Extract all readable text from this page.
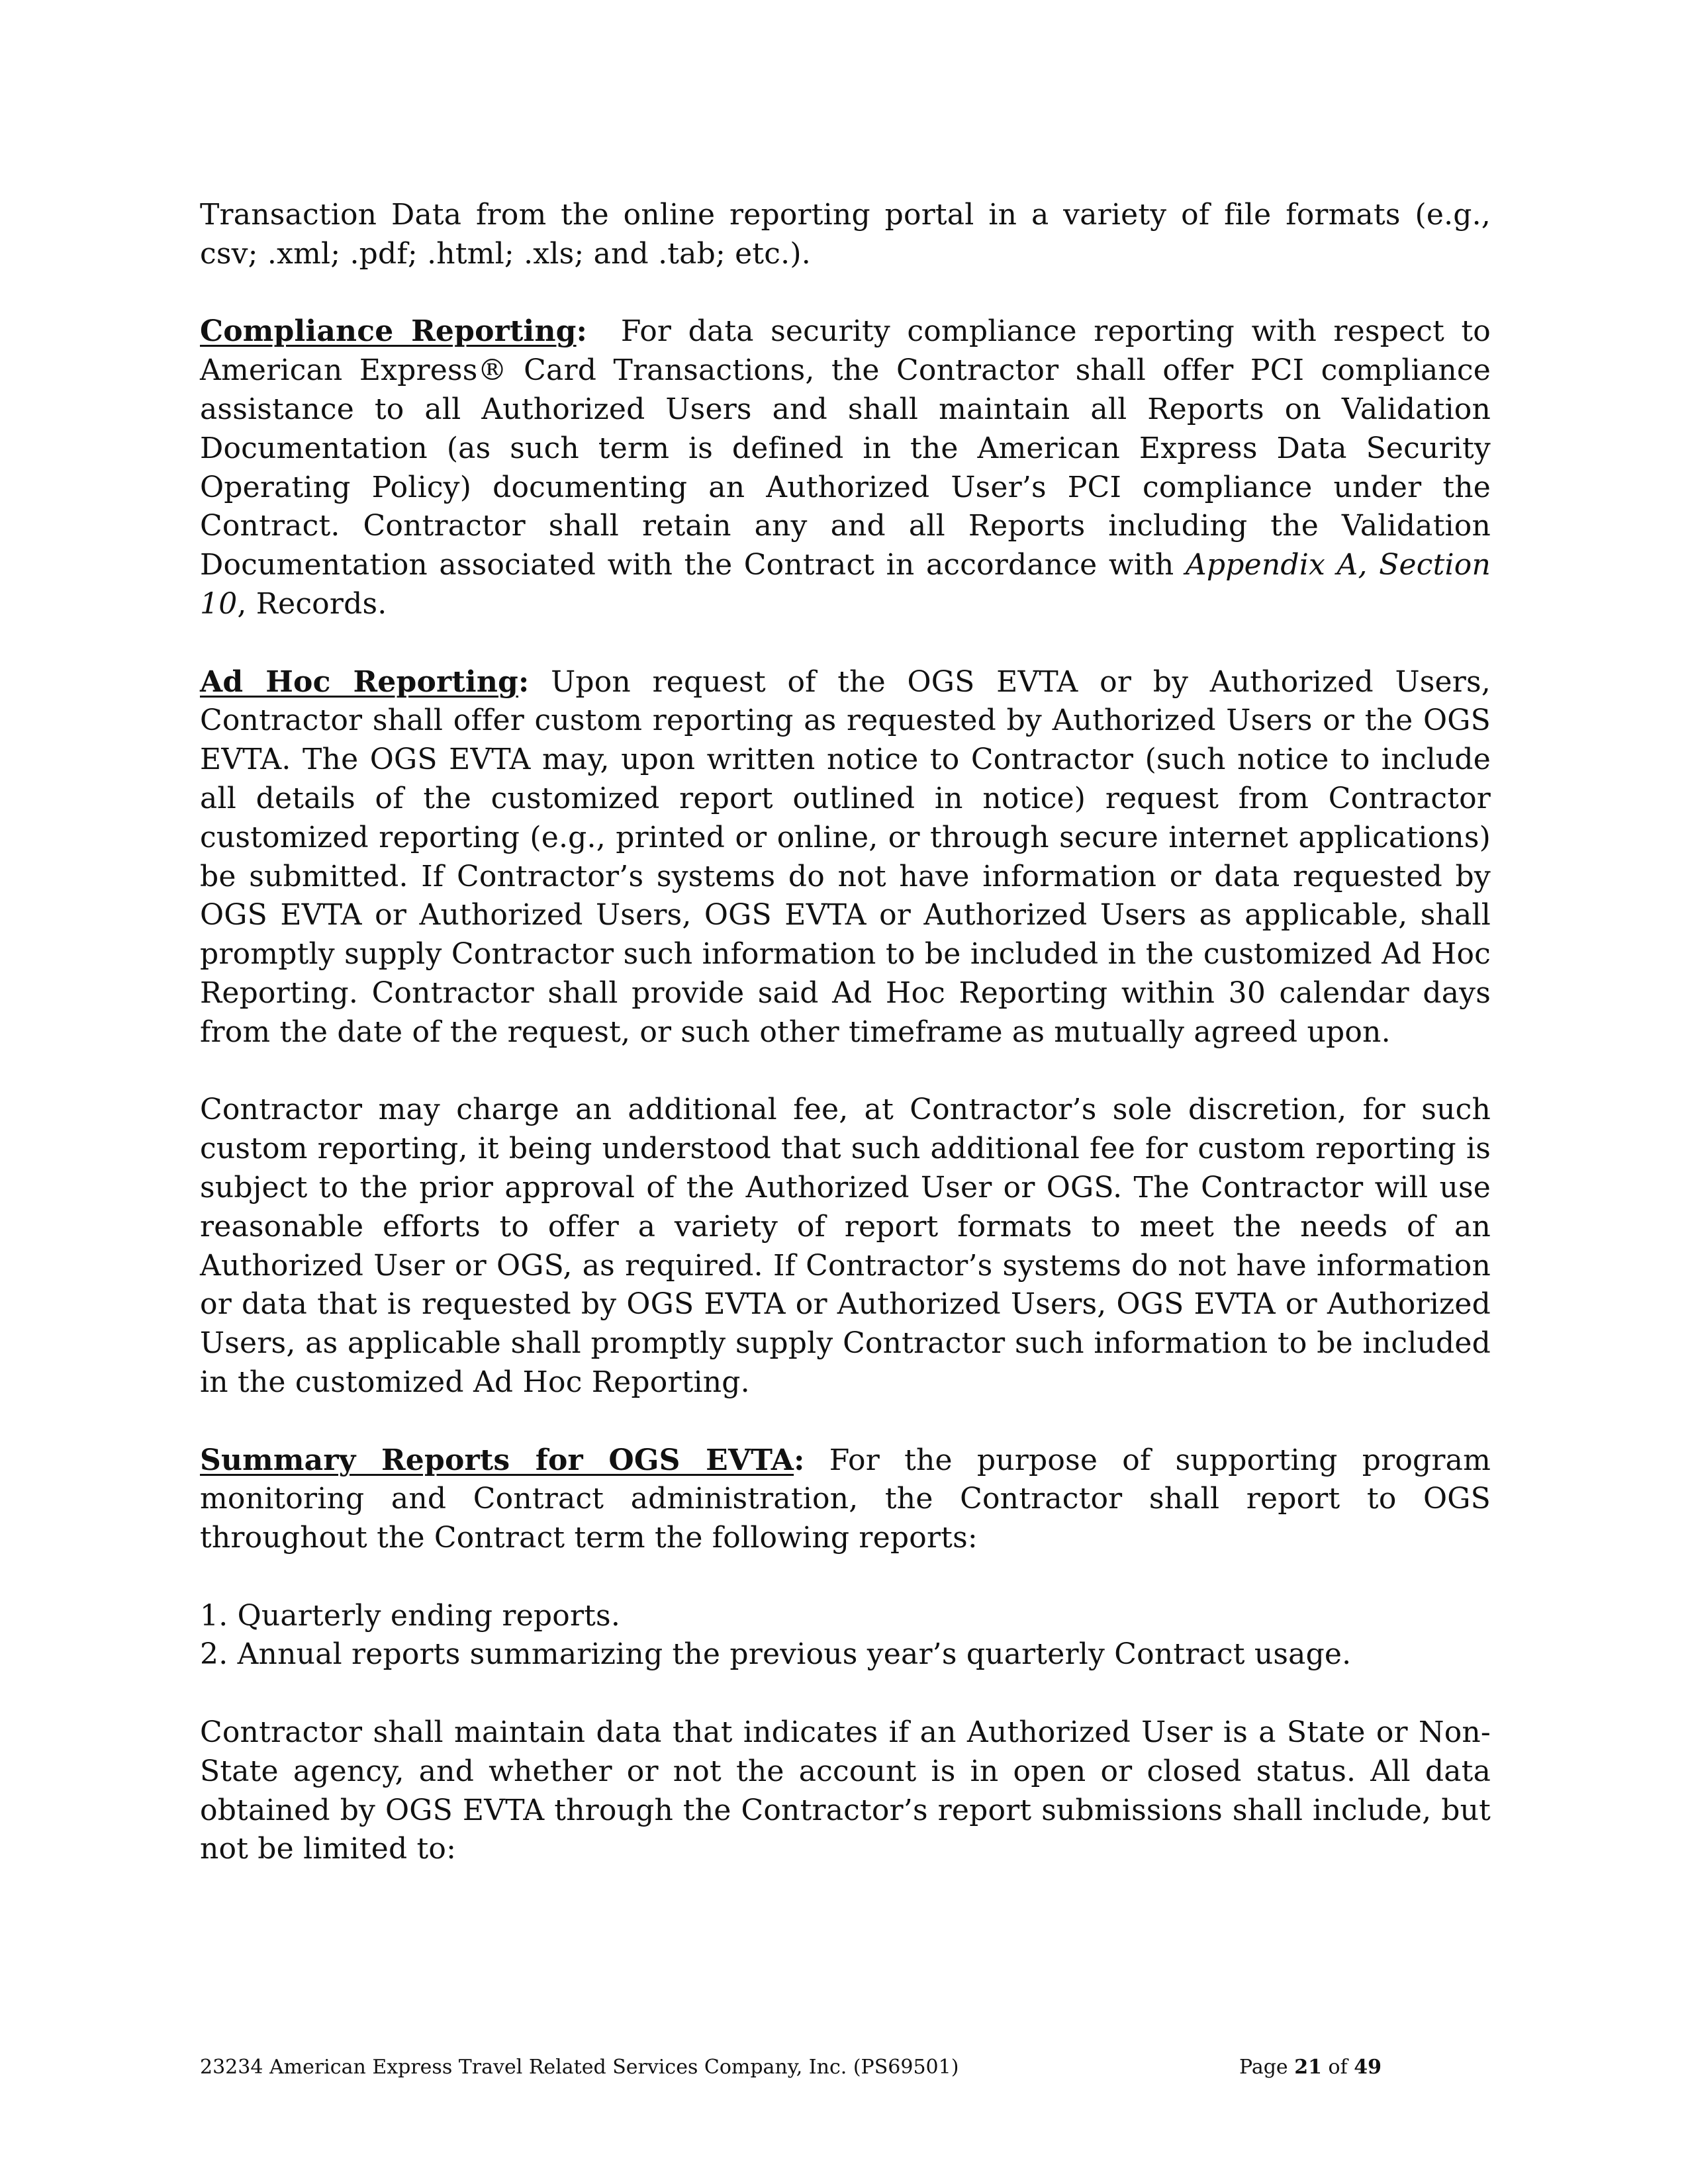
Transaction Data from the online reporting portal in a variety of file formats (e.g., csv; .xml; .pdf; .html; .xls; and .tab; etc.).

Compliance Reporting: For data security compliance reporting with respect to American Express® Card Transactions, the Contractor shall offer PCI compliance assistance to all Authorized Users and shall maintain all Reports on Validation Documentation (as such term is defined in the American Express Data Security Operating Policy) documenting an Authorized User’s PCI compliance under the Contract. Contractor shall retain any and all Reports including the Validation Documentation associated with the Contract in accordance with Appendix A, Section 10, Records.

Ad Hoc Reporting: Upon request of the OGS EVTA or by Authorized Users, Contractor shall offer custom reporting as requested by Authorized Users or the OGS EVTA. The OGS EVTA may, upon written notice to Contractor (such notice to include all details of the customized report outlined in notice) request from Contractor customized reporting (e.g., printed or online, or through secure internet applications) be submitted. If Contractor’s systems do not have information or data requested by OGS EVTA or Authorized Users, OGS EVTA or Authorized Users as applicable, shall promptly supply Contractor such information to be included in the customized Ad Hoc Reporting. Contractor shall provide said Ad Hoc Reporting within 30 calendar days from the date of the request, or such other timeframe as mutually agreed upon.

Contractor may charge an additional fee, at Contractor’s sole discretion, for such custom reporting, it being understood that such additional fee for custom reporting is subject to the prior approval of the Authorized User or OGS. The Contractor will use reasonable efforts to offer a variety of report formats to meet the needs of an Authorized User or OGS, as required. If Contractor’s systems do not have information or data that is requested by OGS EVTA or Authorized Users, OGS EVTA or Authorized Users, as applicable shall promptly supply Contractor such information to be included in the customized Ad Hoc Reporting.

Summary Reports for OGS EVTA: For the purpose of supporting program monitoring and Contract administration, the Contractor shall report to OGS throughout the Contract term the following reports:

1. Quarterly ending reports.

2. Annual reports summarizing the previous year’s quarterly Contract usage.

Contractor shall maintain data that indicates if an Authorized User is a State or Non-State agency, and whether or not the account is in open or closed status. All data obtained by OGS EVTA through the Contractor’s report submissions shall include, but not be limited to:

23234 American Express Travel Related Services Company, Inc. (PS69501)	Page 21 of 49
